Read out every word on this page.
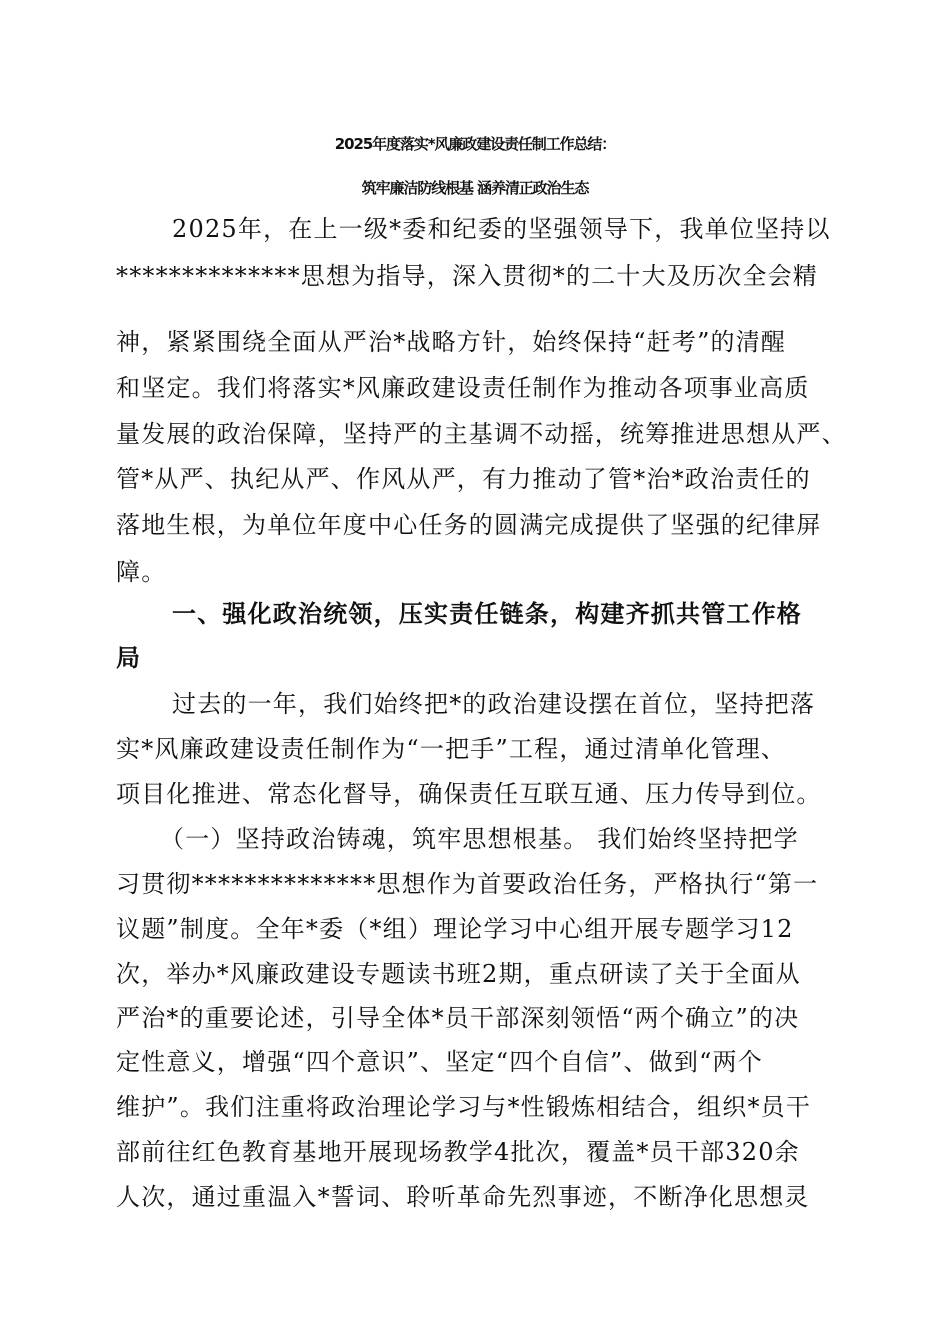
2025年度落实*风廉政建设责任制工作总结：
筑牢廉洁防线根基 涵养清正政治生态
2025年，在上一级*委和纪委的坚强领导下，我单位坚持以
**************思想为指导，深入贯彻*的二十大及历次全会精
神，紧紧围绕全面从严治*战略方针，始终保持“赶考”的清醒
和坚定。我们将落实*风廉政建设责任制作为推动各项事业高质
量发展的政治保障，坚持严的主基调不动摇，统筹推进思想从严、
管*从严、执纪从严、作风从严，有力推动了管*治*政治责任的
落地生根，为单位年度中心任务的圆满完成提供了坚强的纪律屏
障。
一、强化政治统领，压实责任链条，构建齐抓共管工作格
局
过去的一年，我们始终把*的政治建设摆在首位，坚持把落
实*风廉政建设责任制作为“一把手”工程，通过清单化管理、
项目化推进、常态化督导，确保责任互联互通、压力传导到位。
（一）坚持政治铸魂，筑牢思想根基。 我们始终坚持把学
习贯彻**************思想作为首要政治任务，严格执行“第一
议题”制度。全年*委（*组）理论学习中心组开展专题学习12
次，举办*风廉政建设专题读书班2期，重点研读了关于全面从
严治*的重要论述，引导全体*员干部深刻领悟“两个确立”的决
定性意义，增强“四个意识”、坚定“四个自信”、做到“两个
维护”。我们注重将政治理论学习与*性锻炼相结合，组织*员干
部前往红色教育基地开展现场教学4批次，覆盖*员干部320余
人次，通过重温入*誓词、聆听革命先烈事迹，不断净化思想灵
